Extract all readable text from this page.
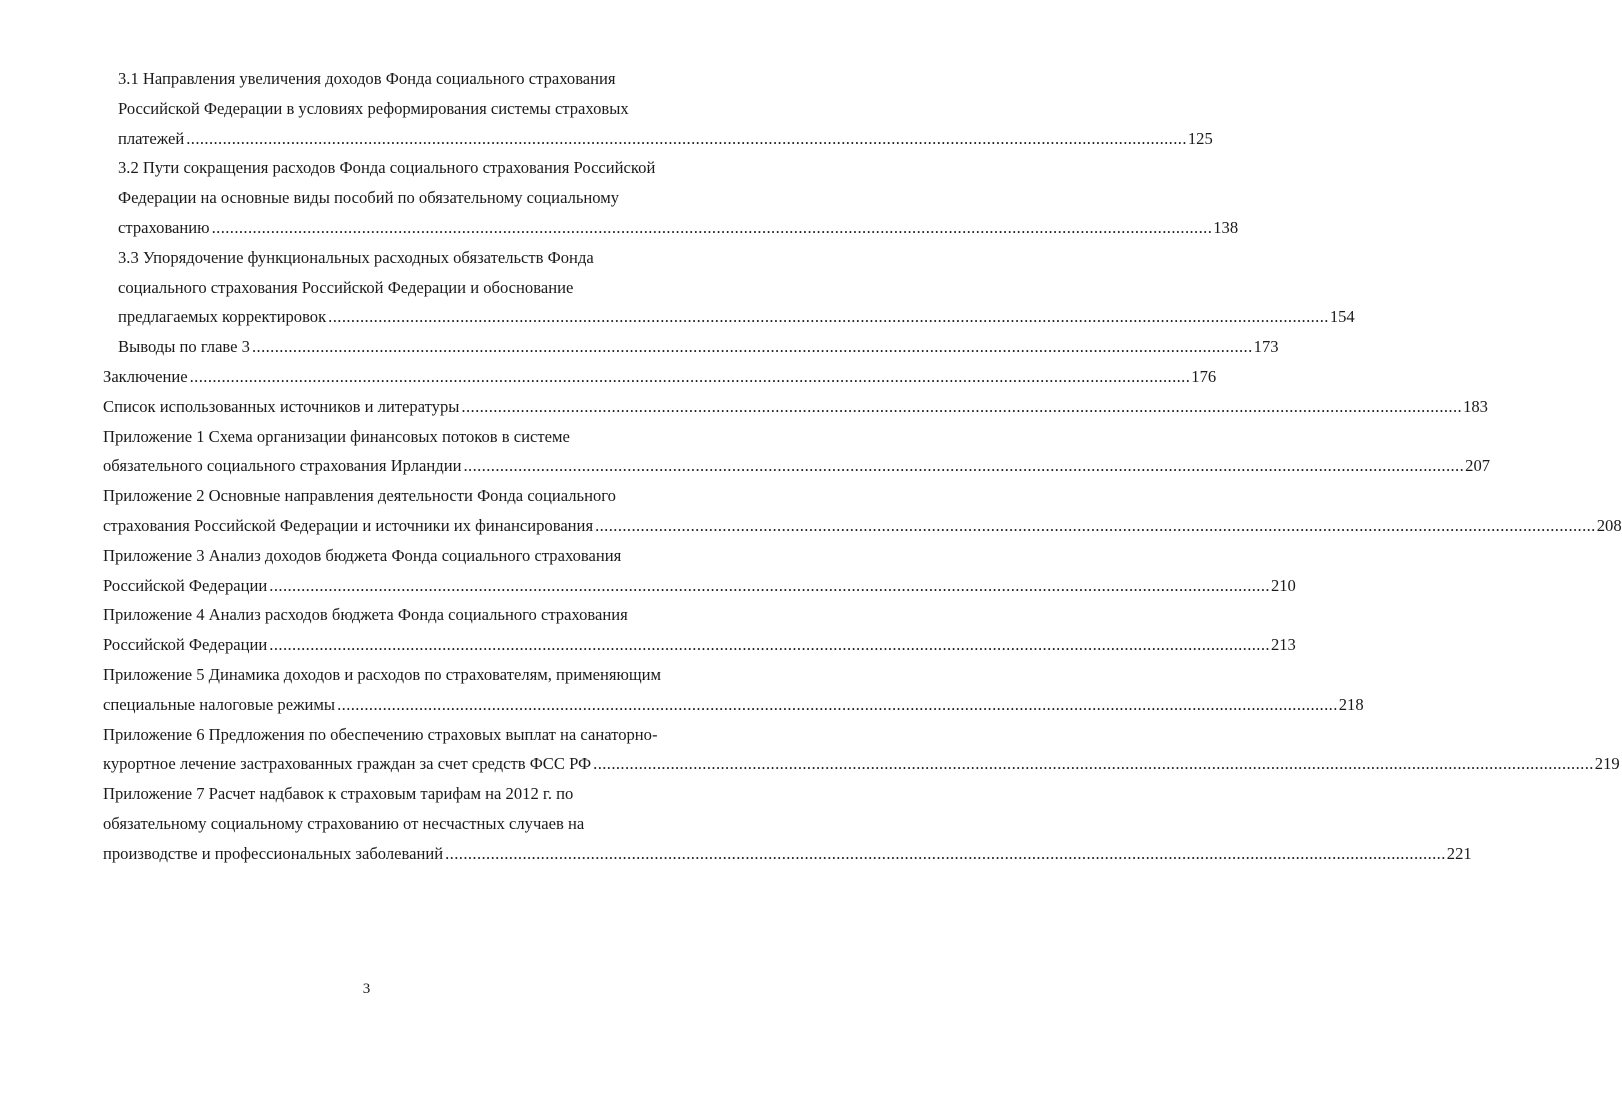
3.1 Направления увеличения доходов Фонда социального страхования
Российской Федерации в условиях реформирования системы страховых
платежей ............................................................................................................................................................................................................................ 125
3.2 Пути сокращения расходов Фонда социального страхования Российской
Федерации на основные виды пособий по обязательному социальному
страхованию ............................................................................................................................................................................................................................ 138
3.3 Упорядочение функциональных расходных обязательств Фонда
социального страхования Российской Федерации и обоснование
предлагаемых корректировок ............................................................................................................................................................................................................................ 154
Выводы по главе 3 ............................................................................................................................................................................................................................ 173
Заключение ............................................................................................................................................................................................................................ 176
Список использованных источников и литературы ............................................................................................................................................................................................................................ 183
Приложение 1 Схема организации финансовых потоков в системе
обязательного социального страхования Ирландии ............................................................................................................................................................................................................................ 207
Приложение 2 Основные направления деятельности Фонда социального
страхования Российской Федерации и источники их финансирования ............................................................................................................................................................................................................................ 208
Приложение 3 Анализ доходов бюджета Фонда социального страхования
Российской Федерации ............................................................................................................................................................................................................................ 210
Приложение 4 Анализ расходов бюджета Фонда социального страхования
Российской Федерации ............................................................................................................................................................................................................................ 213
Приложение 5 Динамика доходов и расходов по страхователям, применяющим
специальные налоговые режимы ............................................................................................................................................................................................................................ 218
Приложение 6 Предложения по обеспечению страховых выплат на санаторно-
курортное лечение застрахованных граждан за счет средств ФСС РФ ............................................................................................................................................................................................................................ 219
Приложение 7 Расчет надбавок к страховым тарифам на 2012 г. по
обязательному социальному страхованию от несчастных случаев на
производстве и профессиональных заболеваний ............................................................................................................................................................................................................................ 221
3
